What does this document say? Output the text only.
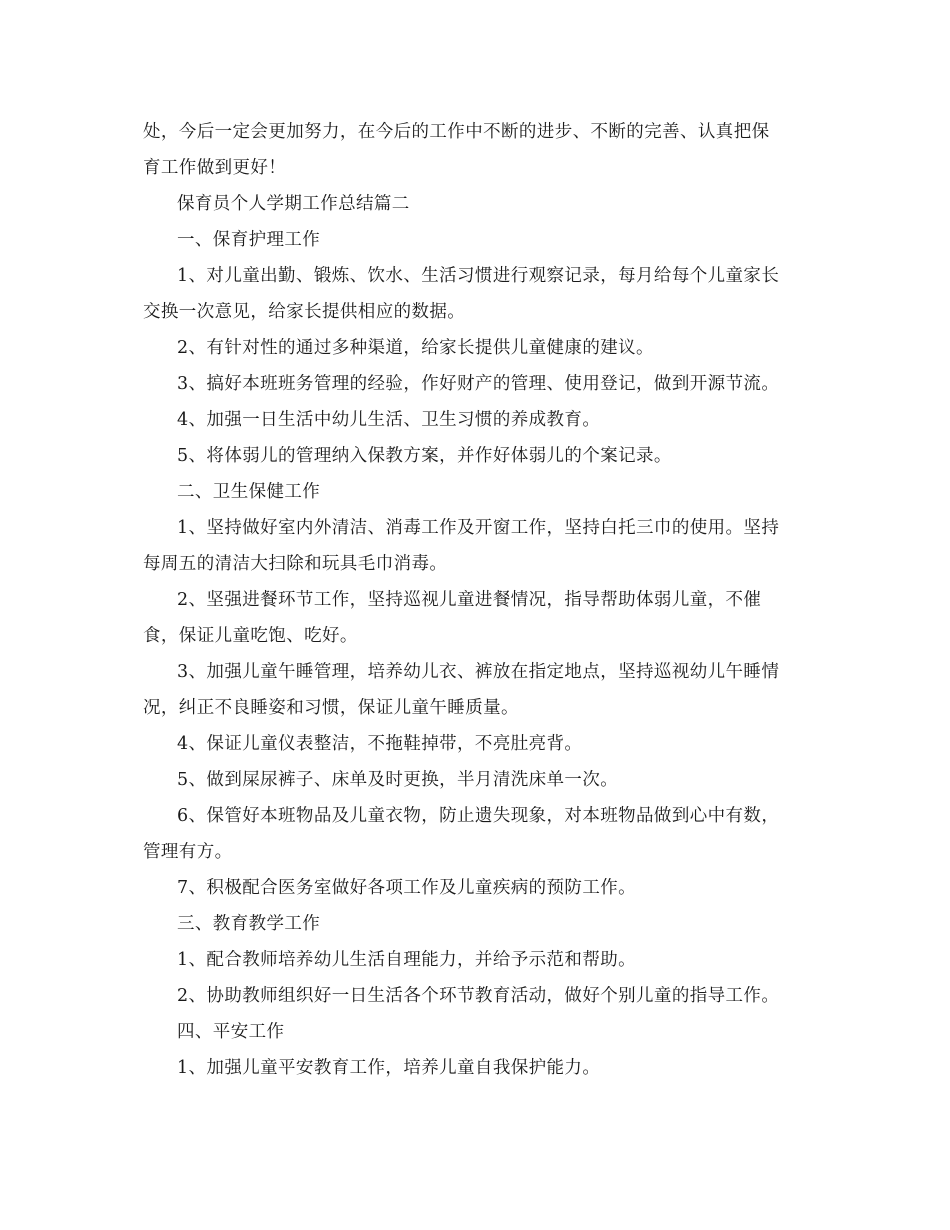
处，今后一定会更加努力，在今后的工作中不断的进步、不断的完善、认真把保
育工作做到更好！
保育员个人学期工作总结篇二
一、保育护理工作
1、对儿童出勤、锻炼、饮水、生活习惯进行观察记录，每月给每个儿童家长
交换一次意见，给家长提供相应的数据。
2、有针对性的通过多种渠道，给家长提供儿童健康的建议。
3、搞好本班班务管理的经验，作好财产的管理、使用登记，做到开源节流。
4、加强一日生活中幼儿生活、卫生习惯的养成教育。
5、将体弱儿的管理纳入保教方案，并作好体弱儿的个案记录。
二、卫生保健工作
1、坚持做好室内外清洁、消毒工作及开窗工作，坚持白托三巾的使用。坚持
每周五的清洁大扫除和玩具毛巾消毒。
2、坚强进餐环节工作，坚持巡视儿童进餐情况，指导帮助体弱儿童，不催
食，保证儿童吃饱、吃好。
3、加强儿童午睡管理，培养幼儿衣、裤放在指定地点，坚持巡视幼儿午睡情
况，纠正不良睡姿和习惯，保证儿童午睡质量。
4、保证儿童仪表整洁，不拖鞋掉带，不亮肚亮背。
5、做到屎尿裤子、床单及时更换，半月清洗床单一次。
6、保管好本班物品及儿童衣物，防止遗失现象，对本班物品做到心中有数，
管理有方。
7、积极配合医务室做好各项工作及儿童疾病的预防工作。
三、教育教学工作
1、配合教师培养幼儿生活自理能力，并给予示范和帮助。
2、协助教师组织好一日生活各个环节教育活动，做好个别儿童的指导工作。
四、平安工作
1、加强儿童平安教育工作，培养儿童自我保护能力。
